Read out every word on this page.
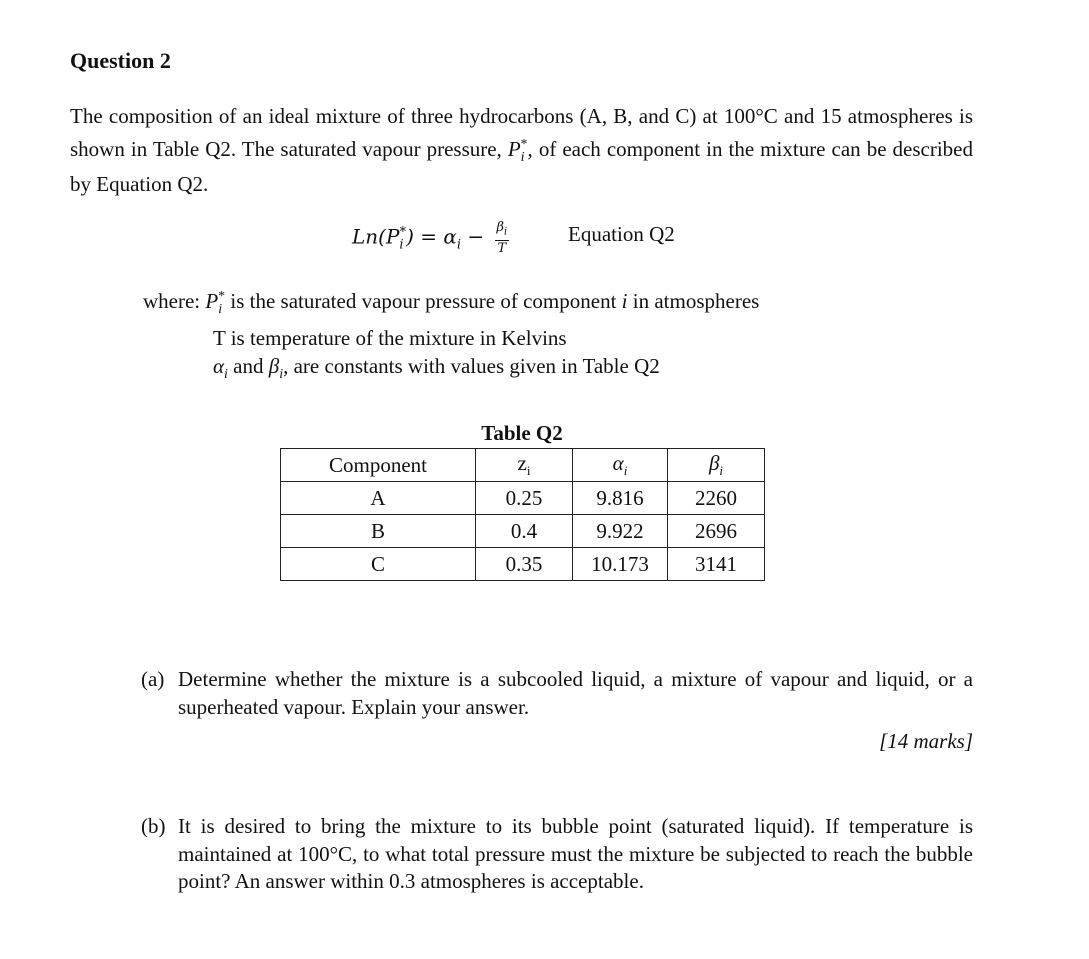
Question 2
The composition of an ideal mixture of three hydrocarbons (A, B, and C) at 100°C and 15 atmospheres is shown in Table Q2. The saturated vapour pressure, $P_i^*$, of each component in the mixture can be described by Equation Q2.
$Ln(P_i^*) = \alpha_i - \frac{\beta_i}{T}$	Equation Q2
where: $P_i^*$ is the saturated vapour pressure of component i in atmospheres
T is temperature of the mixture in Kelvins
$\alpha_i$ and $\beta_i$, are constants with values given in Table Q2
Table Q2
Component	$z_i$	$\alpha_i$	$\beta_i$
A	0.25	9.816	2260
B	0.4	9.922	2696
C	0.35	10.173	3141
(a) Determine whether the mixture is a subcooled liquid, a mixture of vapour and liquid, or a superheated vapour. Explain your answer.
[14 marks]
(b) It is desired to bring the mixture to its bubble point (saturated liquid). If temperature is maintained at 100°C, to what total pressure must the mixture be subjected to reach the bubble point? An answer within 0.3 atmospheres is acceptable.
